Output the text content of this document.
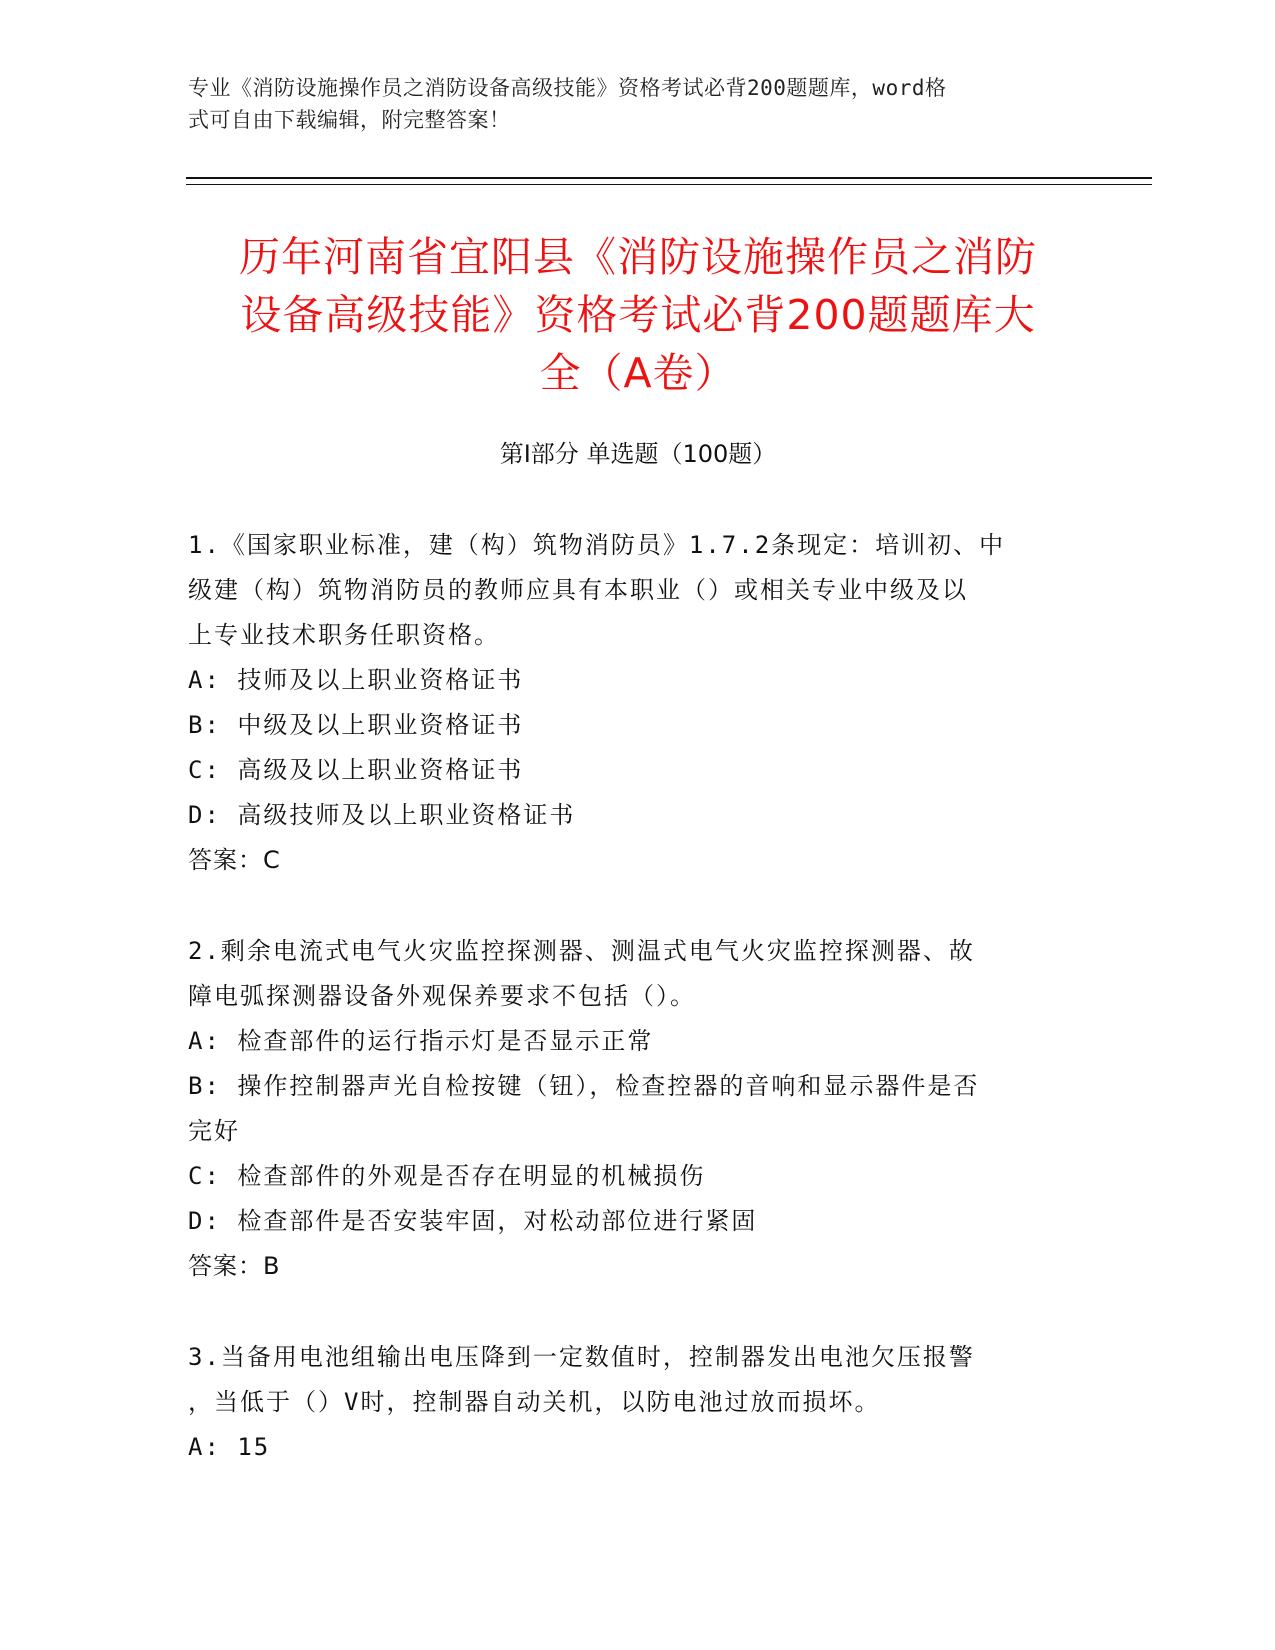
专业《消防设施操作员之消防设备高级技能》资格考试必背200题题库，word格
式可自由下载编辑，附完整答案！
历年河南省宜阳县《消防设施操作员之消防
设备高级技能》资格考试必背200题题库大
全（A卷）
第Ⅰ部分 单选题（100题）
1.《国家职业标准，建（构）筑物消防员》1.7.2条现定：培训初、中
级建（构）筑物消防员的教师应具有本职业（）或相关专业中级及以
上专业技术职务任职资格。
A: 技师及以上职业资格证书
B: 中级及以上职业资格证书
C: 高级及以上职业资格证书
D: 高级技师及以上职业资格证书
答案：C
2.剩余电流式电气火灾监控探测器、测温式电气火灾监控探测器、故
障电弧探测器设备外观保养要求不包括（）。
A: 检查部件的运行指示灯是否显示正常
B: 操作控制器声光自检按键（钮），检查控器的音响和显示器件是否
完好
C: 检查部件的外观是否存在明显的机械损伤
D: 检查部件是否安装牢固，对松动部位进行紧固
答案：B
3.当备用电池组输出电压降到一定数值时，控制器发出电池欠压报警
，当低于（）V时，控制器自动关机，以防电池过放而损坏。
A: 15
